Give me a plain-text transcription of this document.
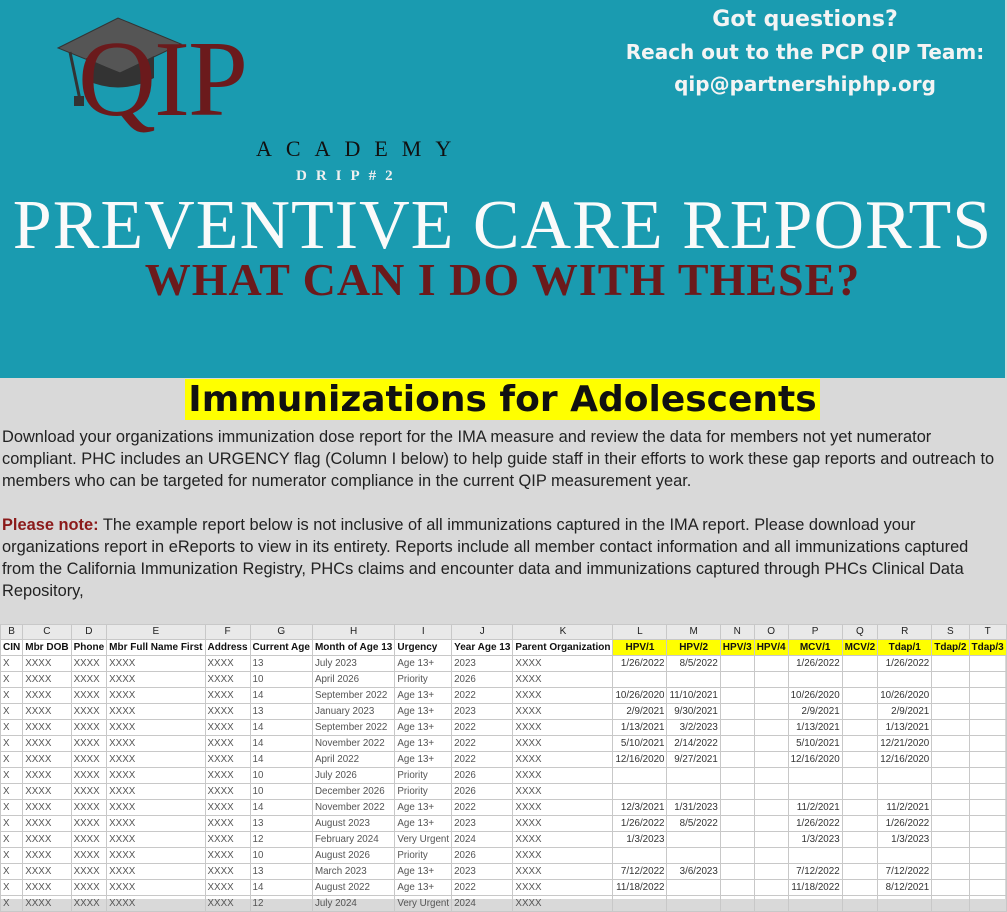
QIP
ACADEMY
DRIP#2
Got questions?
Reach out to the PCP QIP Team:
qip@partnershiphp.org
PREVENTIVE CARE REPORTS
WHAT CAN I DO WITH THESE?
Immunizations for Adolescents
Download your organizations immunization dose report for the IMA measure and review the data for members not yet numerator compliant. PHC includes an URGENCY flag (Column I below) to help guide staff in their efforts to work these gap reports and outreach to members who can be targeted for numerator compliance in the current QIP measurement year.
Please note: The example report below is not inclusive of all immunizations captured in the IMA report. Please download your organizations report in eReports to view in its entirety. Reports include all member contact information and all immunizations captured from the California Immunization Registry, PHCs claims and encounter data and immunizations captured through PHCs Clinical Data Repository,
B	C	D	E	F	G	H	I	J	K	L	M	N	O	P	Q	R	S	T
CIN	Mbr DOB	Phone	Mbr Full Name First	Address	Current Age	Month of Age 13	Urgency	Year Age 13	Parent Organization	HPV/1	HPV/2	HPV/3	HPV/4	MCV/1	MCV/2	Tdap/1	Tdap/2	Tdap/3
X	XXXX	XXXX	XXXX	XXXX	13	July 2023	Age 13+	2023	XXXX	1/26/2022	8/5/2022			1/26/2022		1/26/2022		
X	XXXX	XXXX	XXXX	XXXX	10	April 2026	Priority	2026	XXXX									
X	XXXX	XXXX	XXXX	XXXX	14	September 2022	Age 13+	2022	XXXX	10/26/2020	11/10/2021			10/26/2020		10/26/2020		
X	XXXX	XXXX	XXXX	XXXX	13	January 2023	Age 13+	2023	XXXX	2/9/2021	9/30/2021			2/9/2021		2/9/2021		
X	XXXX	XXXX	XXXX	XXXX	14	September 2022	Age 13+	2022	XXXX	1/13/2021	3/2/2023			1/13/2021		1/13/2021		
X	XXXX	XXXX	XXXX	XXXX	14	November 2022	Age 13+	2022	XXXX	5/10/2021	2/14/2022			5/10/2021		12/21/2020		
X	XXXX	XXXX	XXXX	XXXX	14	April 2022	Age 13+	2022	XXXX	12/16/2020	9/27/2021			12/16/2020		12/16/2020		
X	XXXX	XXXX	XXXX	XXXX	10	July 2026	Priority	2026	XXXX									
X	XXXX	XXXX	XXXX	XXXX	10	December 2026	Priority	2026	XXXX									
X	XXXX	XXXX	XXXX	XXXX	14	November 2022	Age 13+	2022	XXXX	12/3/2021	1/31/2023			11/2/2021		11/2/2021		
X	XXXX	XXXX	XXXX	XXXX	13	August 2023	Age 13+	2023	XXXX	1/26/2022	8/5/2022			1/26/2022		1/26/2022		
X	XXXX	XXXX	XXXX	XXXX	12	February 2024	Very Urgent	2024	XXXX	1/3/2023				1/3/2023		1/3/2023		
X	XXXX	XXXX	XXXX	XXXX	10	August 2026	Priority	2026	XXXX									
X	XXXX	XXXX	XXXX	XXXX	13	March 2023	Age 13+	2023	XXXX	7/12/2022	3/6/2023			7/12/2022		7/12/2022		
X	XXXX	XXXX	XXXX	XXXX	14	August 2022	Age 13+	2022	XXXX	11/18/2022				11/18/2022		8/12/2021		
X	XXXX	XXXX	XXXX	XXXX	12	July 2024	Very Urgent	2024	XXXX									
